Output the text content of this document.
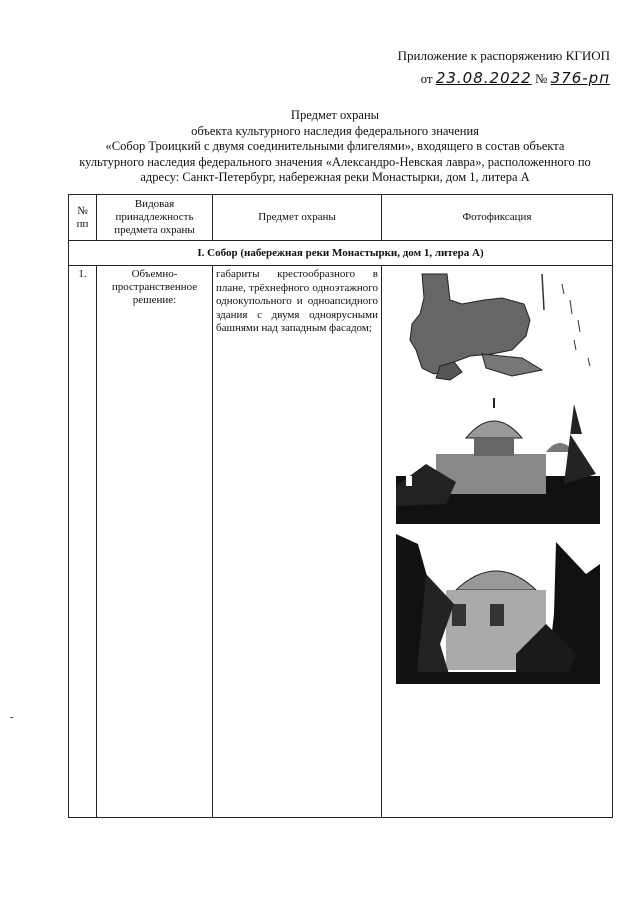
Приложение к распоряжению КГИОП
от 23.08.2022 № 376-рп
Предмет охраны
объекта культурного наследия федерального значения
«Собор Троицкий с двумя соединительными флигелями», входящего в состав объекта
культурного наследия федерального значения «Александро-Невская лавра», расположенного по
адресу: Санкт-Петербург, набережная реки Монастырки, дом 1, литера А
№ пп	Видовая принадлежность предмета охраны	Предмет охраны	Фотофиксация
I. Собор (набережная реки Монастырки, дом 1, литера А)			
1.	Объемно-пространственное решение:	габариты крестообразного в плане, трёхнефного одноэтажного однокупольного и одноапсидного здания с двумя одноярусными башнями над западным фасадом;	
-
